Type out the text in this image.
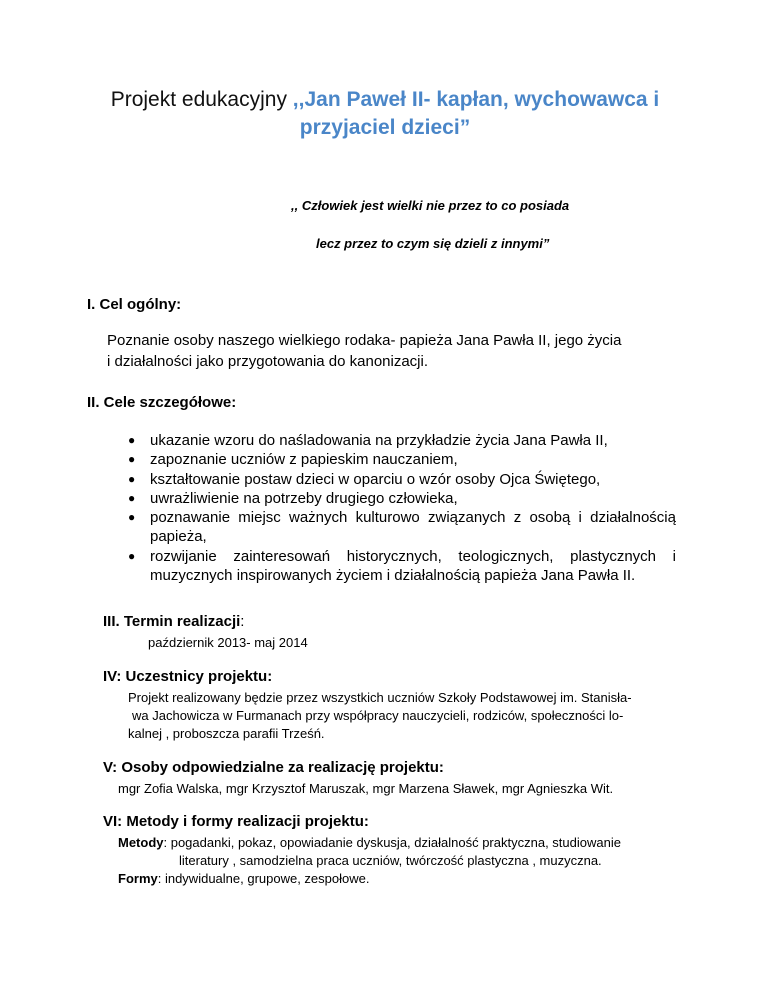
Projekt edukacyjny ,,Jan Paweł II- kapłan, wychowawca i
przyjaciel dzieci”
,, Człowiek jest wielki nie przez to co posiada
lecz przez to czym się dzieli z innymi”
I. Cel ogólny:
Poznanie osoby naszego wielkiego rodaka- papieża Jana Pawła II, jego życia
i działalności jako przygotowania do kanonizacji.
II. Cele szczegółowe:
● ukazanie wzoru do naśladowania na przykładzie życia Jana Pawła II,
● zapoznanie uczniów z papieskim nauczaniem,
● kształtowanie postaw dzieci w oparciu o wzór osoby Ojca Świętego,
● uwrażliwienie na potrzeby drugiego człowieka,
● poznawanie miejsc ważnych kulturowo związanych z osobą i działalnością papieża,
● rozwijanie zainteresowań historycznych, teologicznych, plastycznych i muzycznych inspirowanych życiem i działalnością papieża Jana Pawła II.
III. Termin realizacji:
październik 2013- maj 2014
IV: Uczestnicy projektu:
Projekt realizowany będzie przez wszystkich uczniów Szkoły Podstawowej im. Stanisła-
wa Jachowicza w Furmanach przy współpracy nauczycieli, rodziców, społeczności lo-
kalnej , proboszcza parafii Trześń.
V: Osoby odpowiedzialne za realizację projektu:
mgr Zofia Walska, mgr Krzysztof Maruszak, mgr Marzena Sławek, mgr Agnieszka Wit.
VI: Metody i formy realizacji projektu:
Metody: pogadanki, pokaz, opowiadanie dyskusja, działalność praktyczna, studiowanie
literatury , samodzielna praca uczniów, twórczość plastyczna , muzyczna.
Formy: indywidualne, grupowe, zespołowe.
